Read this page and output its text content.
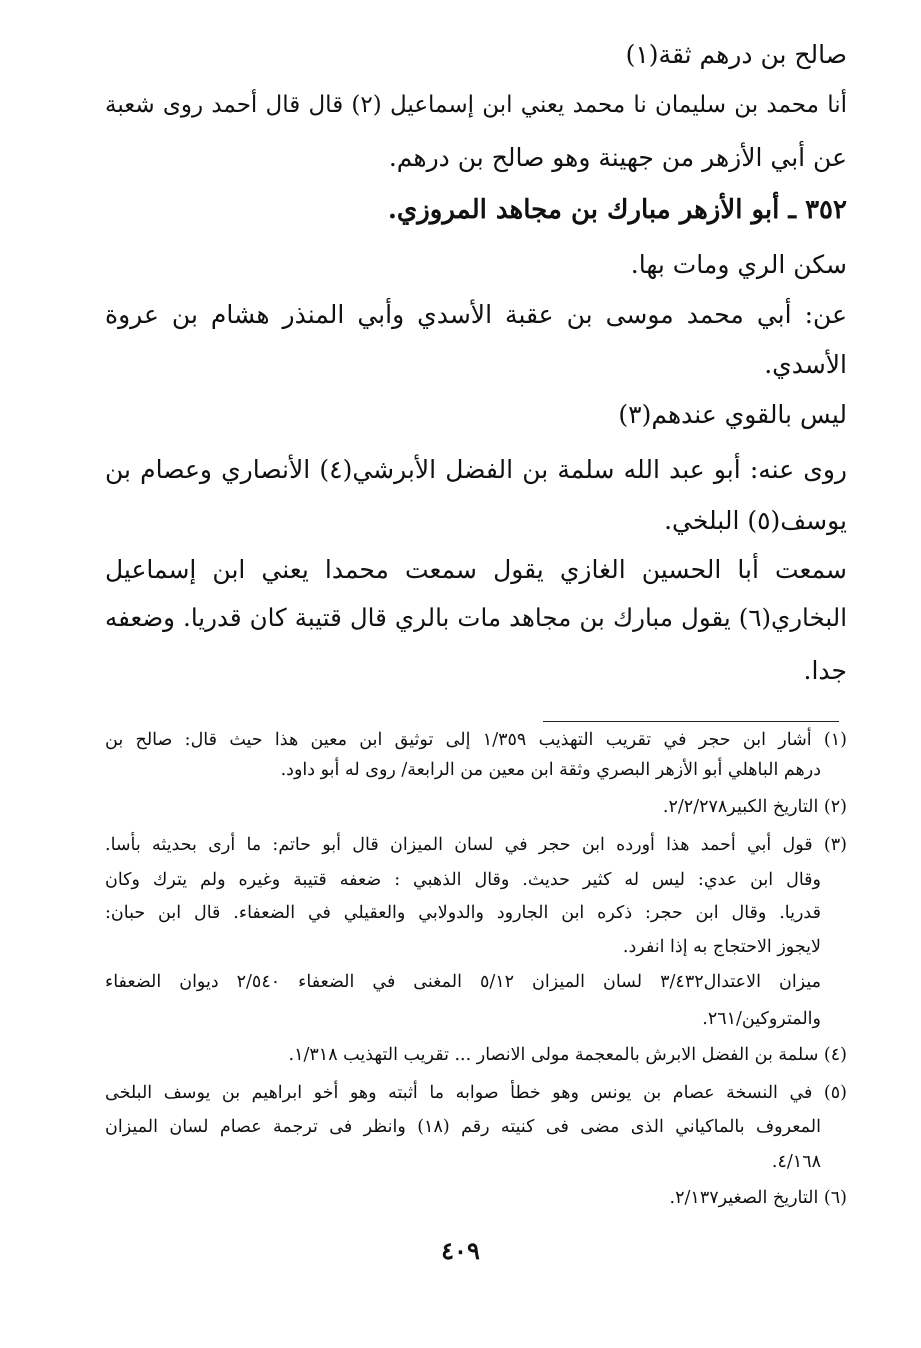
صالح بن درهم ثقة(١)
أنا محمد بن سليمان نا محمد يعني ابن إسماعيل (٢) قال قال أحمد روى شعبة
عن أبي الأزهر من جهينة وهو صالح بن درهم.
٣٥٢ ـ أبو الأزهر مبارك بن مجاهد المروزي.
سكن الري ومات بها.
عن: أبي محمد موسى بن عقبة الأسدي وأبي المنذر هشام بن عروة
الأسدي.
ليس بالقوي عندهم(٣)
روى عنه: أبو عبد الله سلمة بن الفضل الأبرشي(٤) الأنصاري وعصام بن
يوسف(٥) البلخي.
سمعت أبا الحسين الغازي يقول سمعت محمدا يعني ابن إسماعيل
البخاري(٦) يقول مبارك بن مجاهد مات بالري قال قتيبة كان قدريا. وضعفه
جدا.
(١) أشار ابن حجر في تقريب التهذيب ١/٣٥٩ إلى توثيق ابن معين هذا حيث قال: صالح بن
درهم الباهلي أبو الأزهر البصري وثقة ابن معين من الرابعة/ روى له أبو داود.
(٢) التاريخ الكبير٢/٢/٢٧٨.
(٣) قول أبي أحمد هذا أورده ابن حجر في لسان الميزان قال أبو حاتم: ما أرى بحديثه بأسا.
وقال ابن عدي: ليس له كثير حديث. وقال الذهبي : ضعفه قتيبة وغيره ولم يترك وكان
قدريا. وقال ابن حجر: ذكره ابن الجارود والدولابي والعقيلي في الضعفاء. قال ابن حبان:
لايجوز الاحتجاج به إذا انفرد.
ميزان الاعتدال٣/٤٣٢ لسان الميزان ٥/١٢ المغنى في الضعفاء ٢/٥٤٠ ديوان الضعفاء
والمتروكين/٢٦١.
(٤) سلمة بن الفضل الابرش بالمعجمة مولى الانصار ... تقريب التهذيب ١/٣١٨.
(٥) في النسخة عصام بن يونس وهو خطأ صوابه ما أثبته وهو أخو ابراهيم بن يوسف البلخى
المعروف بالماكياني الذى مضى فى كنيته رقم (١٨) وانظر فى ترجمة عصام لسان الميزان
٤/١٦٨.
(٦) التاريخ الصغير٢/١٣٧.
٤٠٩
